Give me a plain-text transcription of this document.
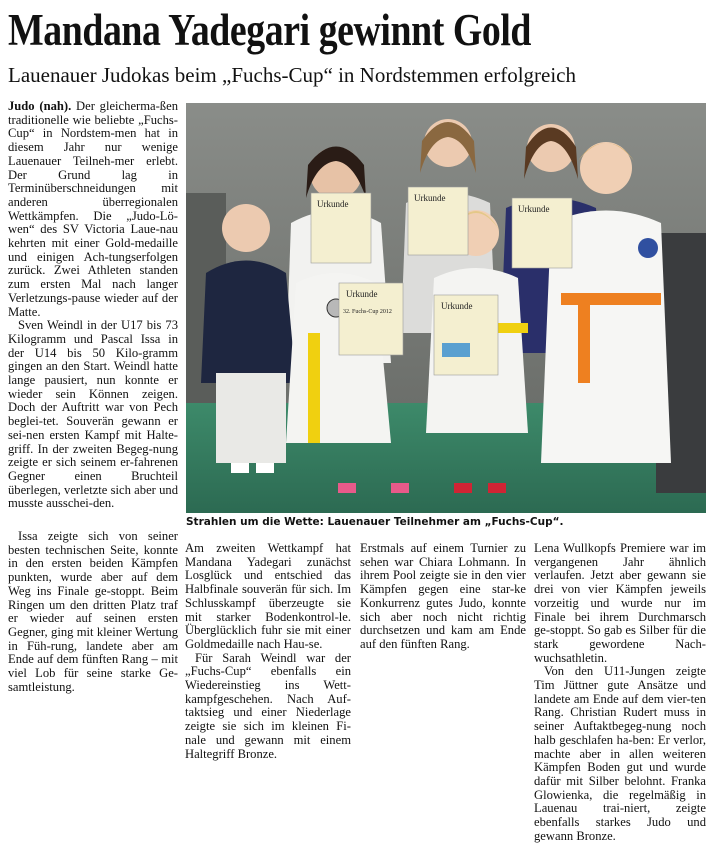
Mandana Yadegari gewinnt Gold
Lauenauer Judokas beim „Fuchs-Cup“ in Nordstemmen erfolgreich

Judo (nah). Der gleicherma-ßen traditionelle wie beliebte „Fuchs-Cup“ in Nordstem-men hat in diesem Jahr nur wenige Lauenauer Teilneh-mer erlebt. Der Grund lag in Terminüberschneidungen mit anderen überregionalen Wettkämpfen. Die „Judo-Lö-wen“ des SV Victoria Laue-nau kehrten mit einer Gold-medaille und einigen Ach-tungserfolgen zurück. Zwei Athleten standen zum ersten Mal nach langer Verletzungs-pause wieder auf der Matte.

Sven Weindl in der U17 bis 73 Kilogramm und Pascal Issa in der U14 bis 50 Kilo-gramm gingen an den Start. Weindl hatte lange pausiert, nun konnte er wieder sein Können zeigen. Doch der Auftritt war von Pech beglei-tet. Souverän gewann er sei-nen ersten Kampf mit Halte-griff. In der zweiten Begeg-nung zeigte er sich seinem er-fahrenen Gegner einen Bruchteil überlegen, verletzte sich aber und musste ausschei-den.

Issa zeigte sich von seiner besten technischen Seite, konnte in den ersten beiden Kämpfen punkten, wurde aber auf dem Weg ins Finale ge-stoppt. Beim Ringen um den dritten Platz traf er wieder auf seinen ersten Gegner, ging mit kleiner Wertung in Füh-rung, landete aber am Ende auf dem fünften Rang – mit viel Lob für seine starke Ge-samtleistung.

Urkunde
Urkunde
Urkunde
Urkunde
32. Fuchs-Cup 2012
Urkunde
Strahlen um die Wette: Lauenauer Teilnehmer am „Fuchs-Cup“.

Am zweiten Wettkampf hat Mandana Yadegari zunächst Losglück und entschied das Halbfinale souverän für sich. Im Schlusskampf überzeugte sie mit starker Bodenkontrol-le. Überglücklich fuhr sie mit einer Goldmedaille nach Hau-se.

Für Sarah Weindl war der „Fuchs-Cup“ ebenfalls ein Wiedereinstieg ins Wett-kampfgeschehen. Nach Auf-taktsieg und einer Niederlage zeigte sie sich im kleinen Fi-nale und gewann mit einem Haltegriff Bronze.

Erstmals auf einem Turnier zu sehen war Chiara Lohmann. In ihrem Pool zeigte sie in den vier Kämpfen gegen eine star-ke Konkurrenz gutes Judo, konnte sich aber noch nicht richtig durchsetzen und kam am Ende auf den fünften Rang.

Lena Wullkopfs Premiere war im vergangenen Jahr ähnlich verlaufen. Jetzt aber gewann sie drei von vier Kämpfen jeweils vorzeitig und wurde nur im Finale bei ihrem Durchmarsch ge-stoppt. So gab es Silber für die stark gewordene Nach-wuchsathletin.

Von den U11-Jungen zeigte Tim Jüttner gute Ansätze und landete am Ende auf dem vier-ten Rang. Christian Rudert muss in seiner Auftaktbegeg-nung noch halb geschlafen ha-ben: Er verlor, machte aber in allen weiteren Kämpfen Boden gut und wurde dafür mit Silber belohnt. Franka Glowienka, die regelmäßig in Lauenau trai-niert, zeigte ebenfalls starkes Judo und gewann Bronze.
